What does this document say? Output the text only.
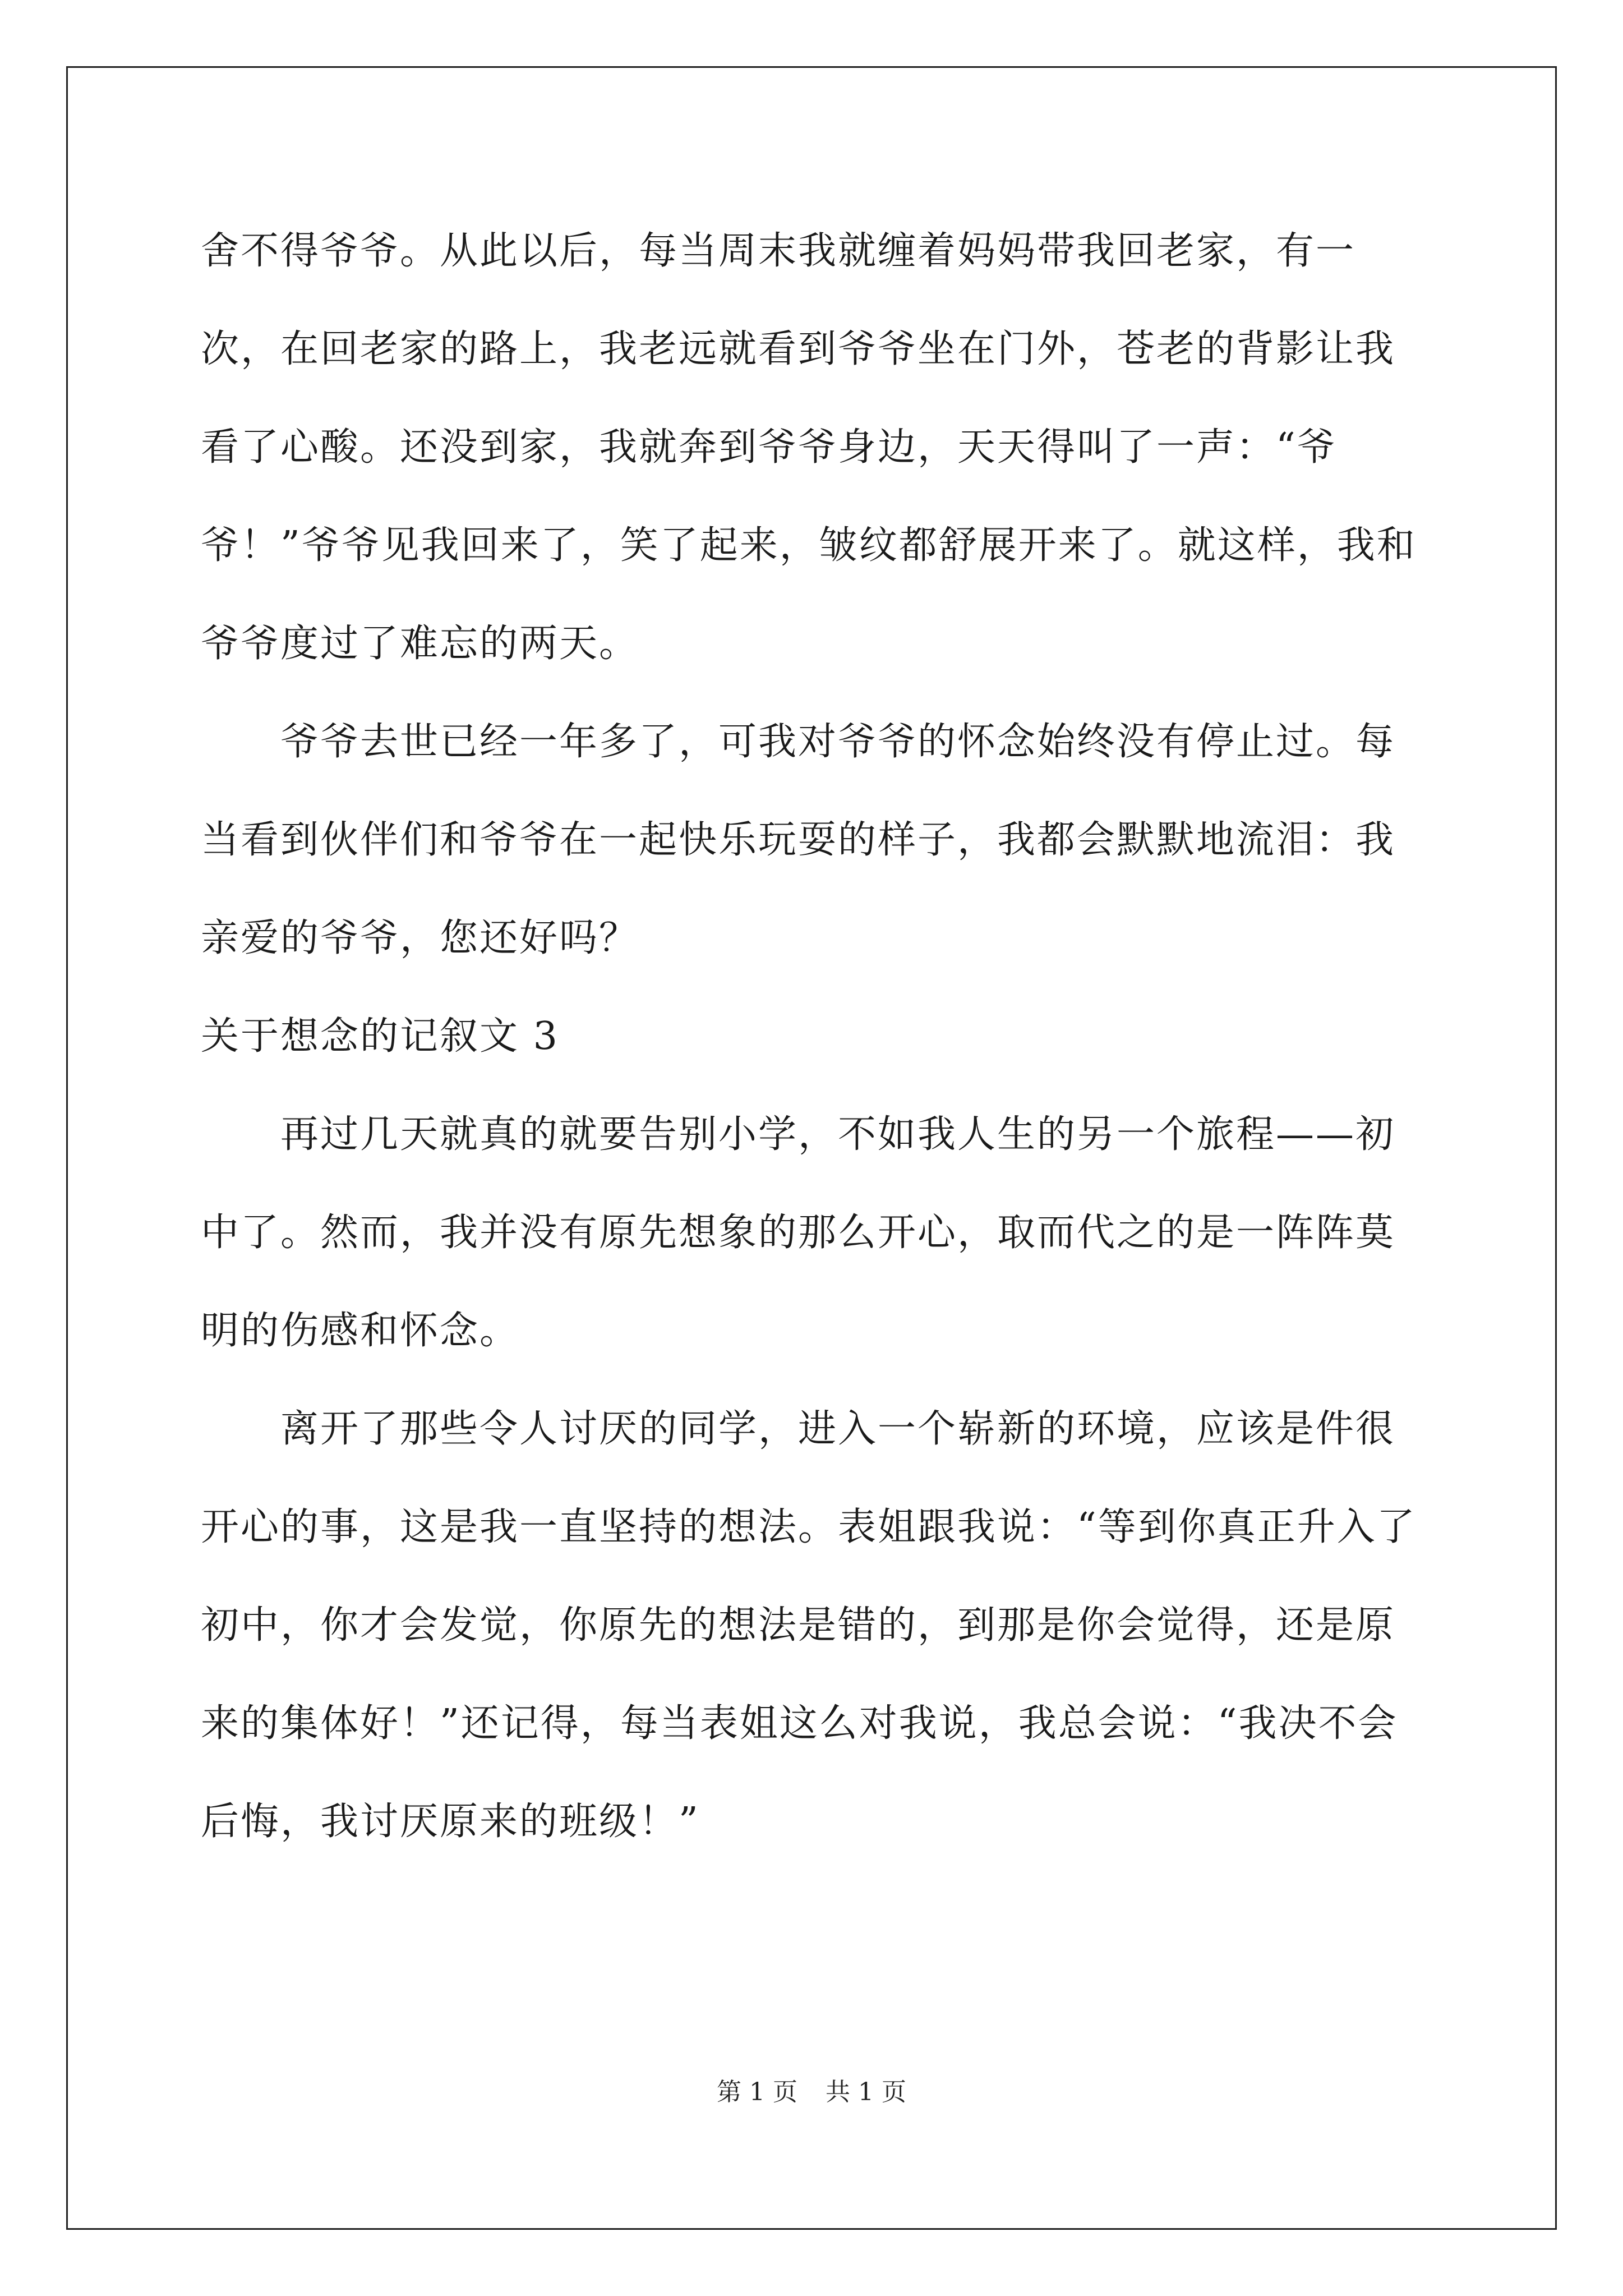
舍不得爷爷。从此以后，每当周末我就缠着妈妈带我回老家，有一次，在回老家的路上，我老远就看到爷爷坐在门外，苍老的背影让我看了心酸。还没到家，我就奔到爷爷身边，天天得叫了一声：“爷爷！”爷爷见我回来了，笑了起来，皱纹都舒展开来了。就这样，我和爷爷度过了难忘的两天。

爷爷去世已经一年多了，可我对爷爷的怀念始终没有停止过。每当看到伙伴们和爷爷在一起快乐玩耍的样子，我都会默默地流泪：我亲爱的爷爷，您还好吗？

关于想念的记叙文 3

再过几天就真的就要告别小学，不如我人生的另一个旅程——初中了。然而，我并没有原先想象的那么开心，取而代之的是一阵阵莫明的伤感和怀念。

离开了那些令人讨厌的同学，进入一个崭新的环境，应该是件很开心的事，这是我一直坚持的想法。表姐跟我说：“等到你真正升入了初中，你才会发觉，你原先的想法是错的，到那是你会觉得，还是原来的集体好！”还记得，每当表姐这么对我说，我总会说：“我决不会后悔，我讨厌原来的班级！”

第 1 页 共 1 页
